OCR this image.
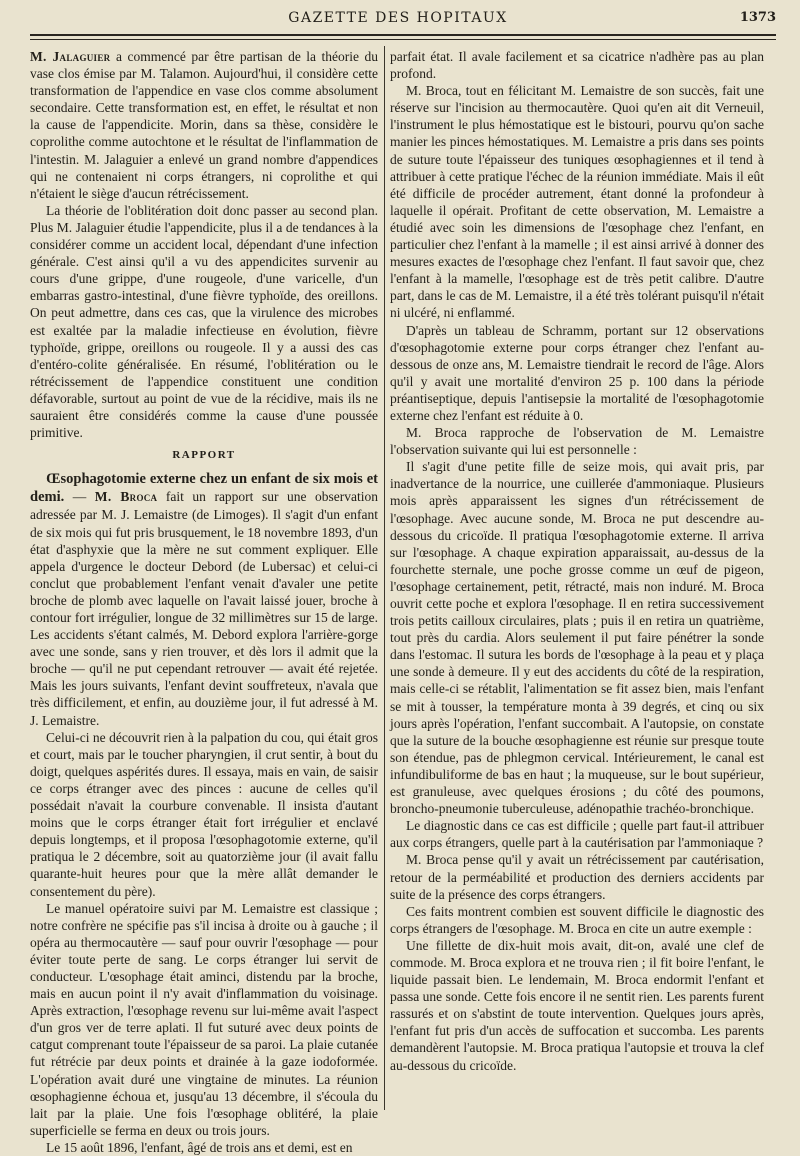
GAZETTE DES HOPITAUX	1373

M. Jalaguier a commencé par être partisan de la théorie du vase clos émise par M. Talamon. Aujourd'hui, il considère cette transformation de l'appendice en vase clos comme absolument secondaire. Cette transformation est, en effet, le résultat et non la cause de l'appendicite. Morin, dans sa thèse, considère le coprolithe comme autochtone et le résultat de l'inflammation de l'intestin. M. Jalaguier a enlevé un grand nombre d'appendices qui ne contenaient ni corps étrangers, ni coprolithe et qui n'étaient le siège d'aucun rétrécissement.

La théorie de l'oblitération doit donc passer au second plan. Plus M. Jalaguier étudie l'appendicite, plus il a de tendances à la considérer comme un accident local, dépendant d'une infection générale. C'est ainsi qu'il a vu des appendicites survenir au cours d'une grippe, d'une rougeole, d'une varicelle, d'un embarras gastro-intestinal, d'une fièvre typhoïde, des oreillons. On peut admettre, dans ces cas, que la virulence des microbes est exaltée par la maladie infectieuse en évolution, fièvre typhoïde, grippe, oreillons ou rougeole. Il y a aussi des cas d'entéro-colite généralisée. En résumé, l'oblitération ou le rétrécissement de l'appendice constituent une condition défavorable, surtout au point de vue de la récidive, mais ils ne sauraient être considérés comme la cause d'une poussée primitive.

RAPPORT

Œsophagotomie externe chez un enfant de six mois et demi. — M. Broca fait un rapport sur une observation adressée par M. J. Lemaistre (de Limoges). Il s'agit d'un enfant de six mois qui fut pris brusquement, le 18 novembre 1893, d'un état d'asphyxie que la mère ne sut comment expliquer. Elle appela d'urgence le docteur Debord (de Lubersac) et celui-ci conclut que probablement l'enfant venait d'avaler une petite broche de plomb avec laquelle on l'avait laissé jouer, broche à contour fort irrégulier, longue de 32 millimètres sur 15 de large. Les accidents s'étant calmés, M. Debord explora l'arrière-gorge avec une sonde, sans y rien trouver, et dès lors il admit que la broche — qu'il ne put cependant retrouver — avait été rejetée. Mais les jours suivants, l'enfant devint souffreteux, n'avala que très difficilement, et enfin, au douzième jour, il fut adressé à M. J. Lemaistre.

Celui-ci ne découvrit rien à la palpation du cou, qui était gros et court, mais par le toucher pharyngien, il crut sentir, à bout du doigt, quelques aspérités dures. Il essaya, mais en vain, de saisir ce corps étranger avec des pinces : aucune de celles qu'il possédait n'avait la courbure convenable. Il insista d'autant moins que le corps étranger était fort irrégulier et enclavé depuis longtemps, et il proposa l'œsophagotomie externe, qu'il pratiqua le 2 décembre, soit au quatorzième jour (il avait fallu quarante-huit heures pour que la mère allât demander le consentement du père).

Le manuel opératoire suivi par M. Lemaistre est classique ; notre confrère ne spécifie pas s'il incisa à droite ou à gauche ; il opéra au thermocautère — sauf pour ouvrir l'œsophage — pour éviter toute perte de sang. Le corps étranger lui servit de conducteur. L'œsophage était aminci, distendu par la broche, mais en aucun point il n'y avait d'inflammation du voisinage. Après extraction, l'œsophage revenu sur lui-même avait l'aspect d'un gros ver de terre aplati. Il fut suturé avec deux points de catgut comprenant toute l'épaisseur de sa paroi. La plaie cutanée fut rétrécie par deux points et drainée à la gaze iodoformée. L'opération avait duré une vingtaine de minutes. La réunion œsophagienne échoua et, jusqu'au 13 décembre, il s'écoula du lait par la plaie. Une fois l'œsophage oblitéré, la plaie superficielle se ferma en deux ou trois jours.

Le 15 août 1896, l'enfant, âgé de trois ans et demi, est en

parfait état. Il avale facilement et sa cicatrice n'adhère pas au plan profond.

M. Broca, tout en félicitant M. Lemaistre de son succès, fait une réserve sur l'incision au thermocautère. Quoi qu'en ait dit Verneuil, l'instrument le plus hémostatique est le bistouri, pourvu qu'on sache manier les pinces hémostatiques. M. Lemaistre a pris dans ses points de suture toute l'épaisseur des tuniques œsophagiennes et il tend à attribuer à cette pratique l'échec de la réunion immédiate. Mais il eût été difficile de procéder autrement, étant donné la profondeur à laquelle il opérait. Profitant de cette observation, M. Lemaistre a étudié avec soin les dimensions de l'œsophage chez l'enfant, en particulier chez l'enfant à la mamelle ; il est ainsi arrivé à donner des mesures exactes de l'œsophage chez l'enfant. Il faut savoir que, chez l'enfant à la mamelle, l'œsophage est de très petit calibre. D'autre part, dans le cas de M. Lemaistre, il a été très tolérant puisqu'il n'était ni ulcéré, ni enflammé.

D'après un tableau de Schramm, portant sur 12 observations d'œsophagotomie externe pour corps étranger chez l'enfant au-dessous de onze ans, M. Lemaistre tiendrait le record de l'âge. Alors qu'il y avait une mortalité d'environ 25 p. 100 dans la période préantiseptique, depuis l'antisepsie la mortalité de l'œsophagotomie externe chez l'enfant est réduite à 0.

M. Broca rapproche de l'observation de M. Lemaistre l'observation suivante qui lui est personnelle :

Il s'agit d'une petite fille de seize mois, qui avait pris, par inadvertance de la nourrice, une cuillerée d'ammoniaque. Plusieurs mois après apparaissent les signes d'un rétrécissement de l'œsophage. Avec aucune sonde, M. Broca ne put descendre au-dessous du cricoïde. Il pratiqua l'œsophagotomie externe. Il arriva sur l'œsophage. A chaque expiration apparaissait, au-dessus de la fourchette sternale, une poche grosse comme un œuf de pigeon, l'œsophage certainement, petit, rétracté, mais non induré. M. Broca ouvrit cette poche et explora l'œsophage. Il en retira successivement trois petits cailloux circulaires, plats ; puis il en retira un quatrième, tout près du cardia. Alors seulement il put faire pénétrer la sonde dans l'estomac. Il sutura les bords de l'œsophage à la peau et y plaça une sonde à demeure. Il y eut des accidents du côté de la respiration, mais celle-ci se rétablit, l'alimentation se fit assez bien, mais l'enfant se mit à tousser, la température monta à 39 degrés, et cinq ou six jours après l'opération, l'enfant succombait. A l'autopsie, on constate que la suture de la bouche œsophagienne est réunie sur presque toute son étendue, pas de phlegmon cervical. Intérieurement, le canal est infundibuliforme de bas en haut ; la muqueuse, sur le bout supérieur, est granuleuse, avec quelques érosions ; du côté des poumons, broncho-pneumonie tuberculeuse, adénopathie trachéo-bronchique.

Le diagnostic dans ce cas est difficile ; quelle part faut-il attribuer aux corps étrangers, quelle part à la cautérisation par l'ammoniaque ?

M. Broca pense qu'il y avait un rétrécissement par cautérisation, retour de la perméabilité et production des derniers accidents par suite de la présence des corps étrangers.

Ces faits montrent combien est souvent difficile le diagnostic des corps étrangers de l'œsophage. M. Broca en cite un autre exemple :

Une fillette de dix-huit mois avait, dit-on, avalé une clef de commode. M. Broca explora et ne trouva rien ; il fit boire l'enfant, le liquide passait bien. Le lendemain, M. Broca endormit l'enfant et passa une sonde. Cette fois encore il ne sentit rien. Les parents furent rassurés et on s'abstint de toute intervention. Quelques jours après, l'enfant fut pris d'un accès de suffocation et succomba. Les parents demandèrent l'autopsie. M. Broca pratiqua l'autopsie et trouva la clef au-dessous du cricoïde.
